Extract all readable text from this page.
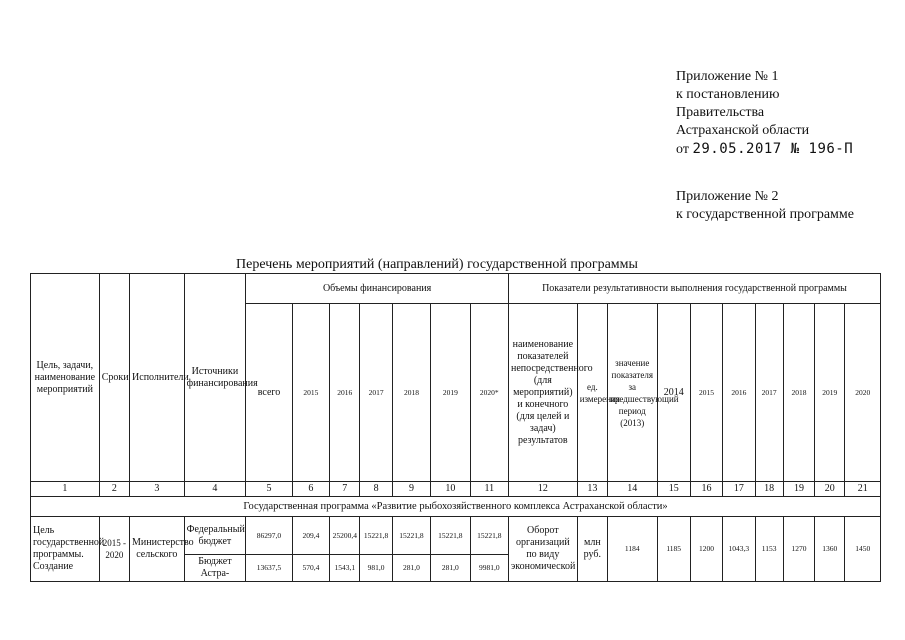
Приложение № 1
к постановлению
Правительства
Астраханской области
от 29.05.2017 № 196-П
Приложение № 2
к государственной программе
Перечень мероприятий (направлений) государственной программы
Цель, задачи, наименование мероприятий	Сроки	Исполнители	Источники финансирования	Объемы финансирования							Показатели результативности выполнения государственной программы									
				всего	2015	2016	2017	2018	2019	2020*	наименование показателей непосредственного (для мероприятий) и конечного (для целей и задач) результатов	ед. измерения	значение показателя за предшествующий период (2013)	2014	2015	2016	2017	2018	2019	2020
1	2	3	4	5	6	7	8	9	10	11	12	13	14	15	16	17	18	19	20	21
Государственная программа «Развитие рыбохозяйственного комплекса Астраханской области»																				
Цель государственной программы. Создание	2015 - 2020	Министерство сельского	Федеральный бюджет	86297,0	209,4	25200,4	15221,8	15221,8	15221,8	15221,8	Оборот организаций по виду экономической	млн руб.	1184	1185	1200	1043,3	1153	1270	1360	1450
			Бюджет Астра-	13637,5	570,4	1543,1	981,0	281,0	281,0	9981,0										
